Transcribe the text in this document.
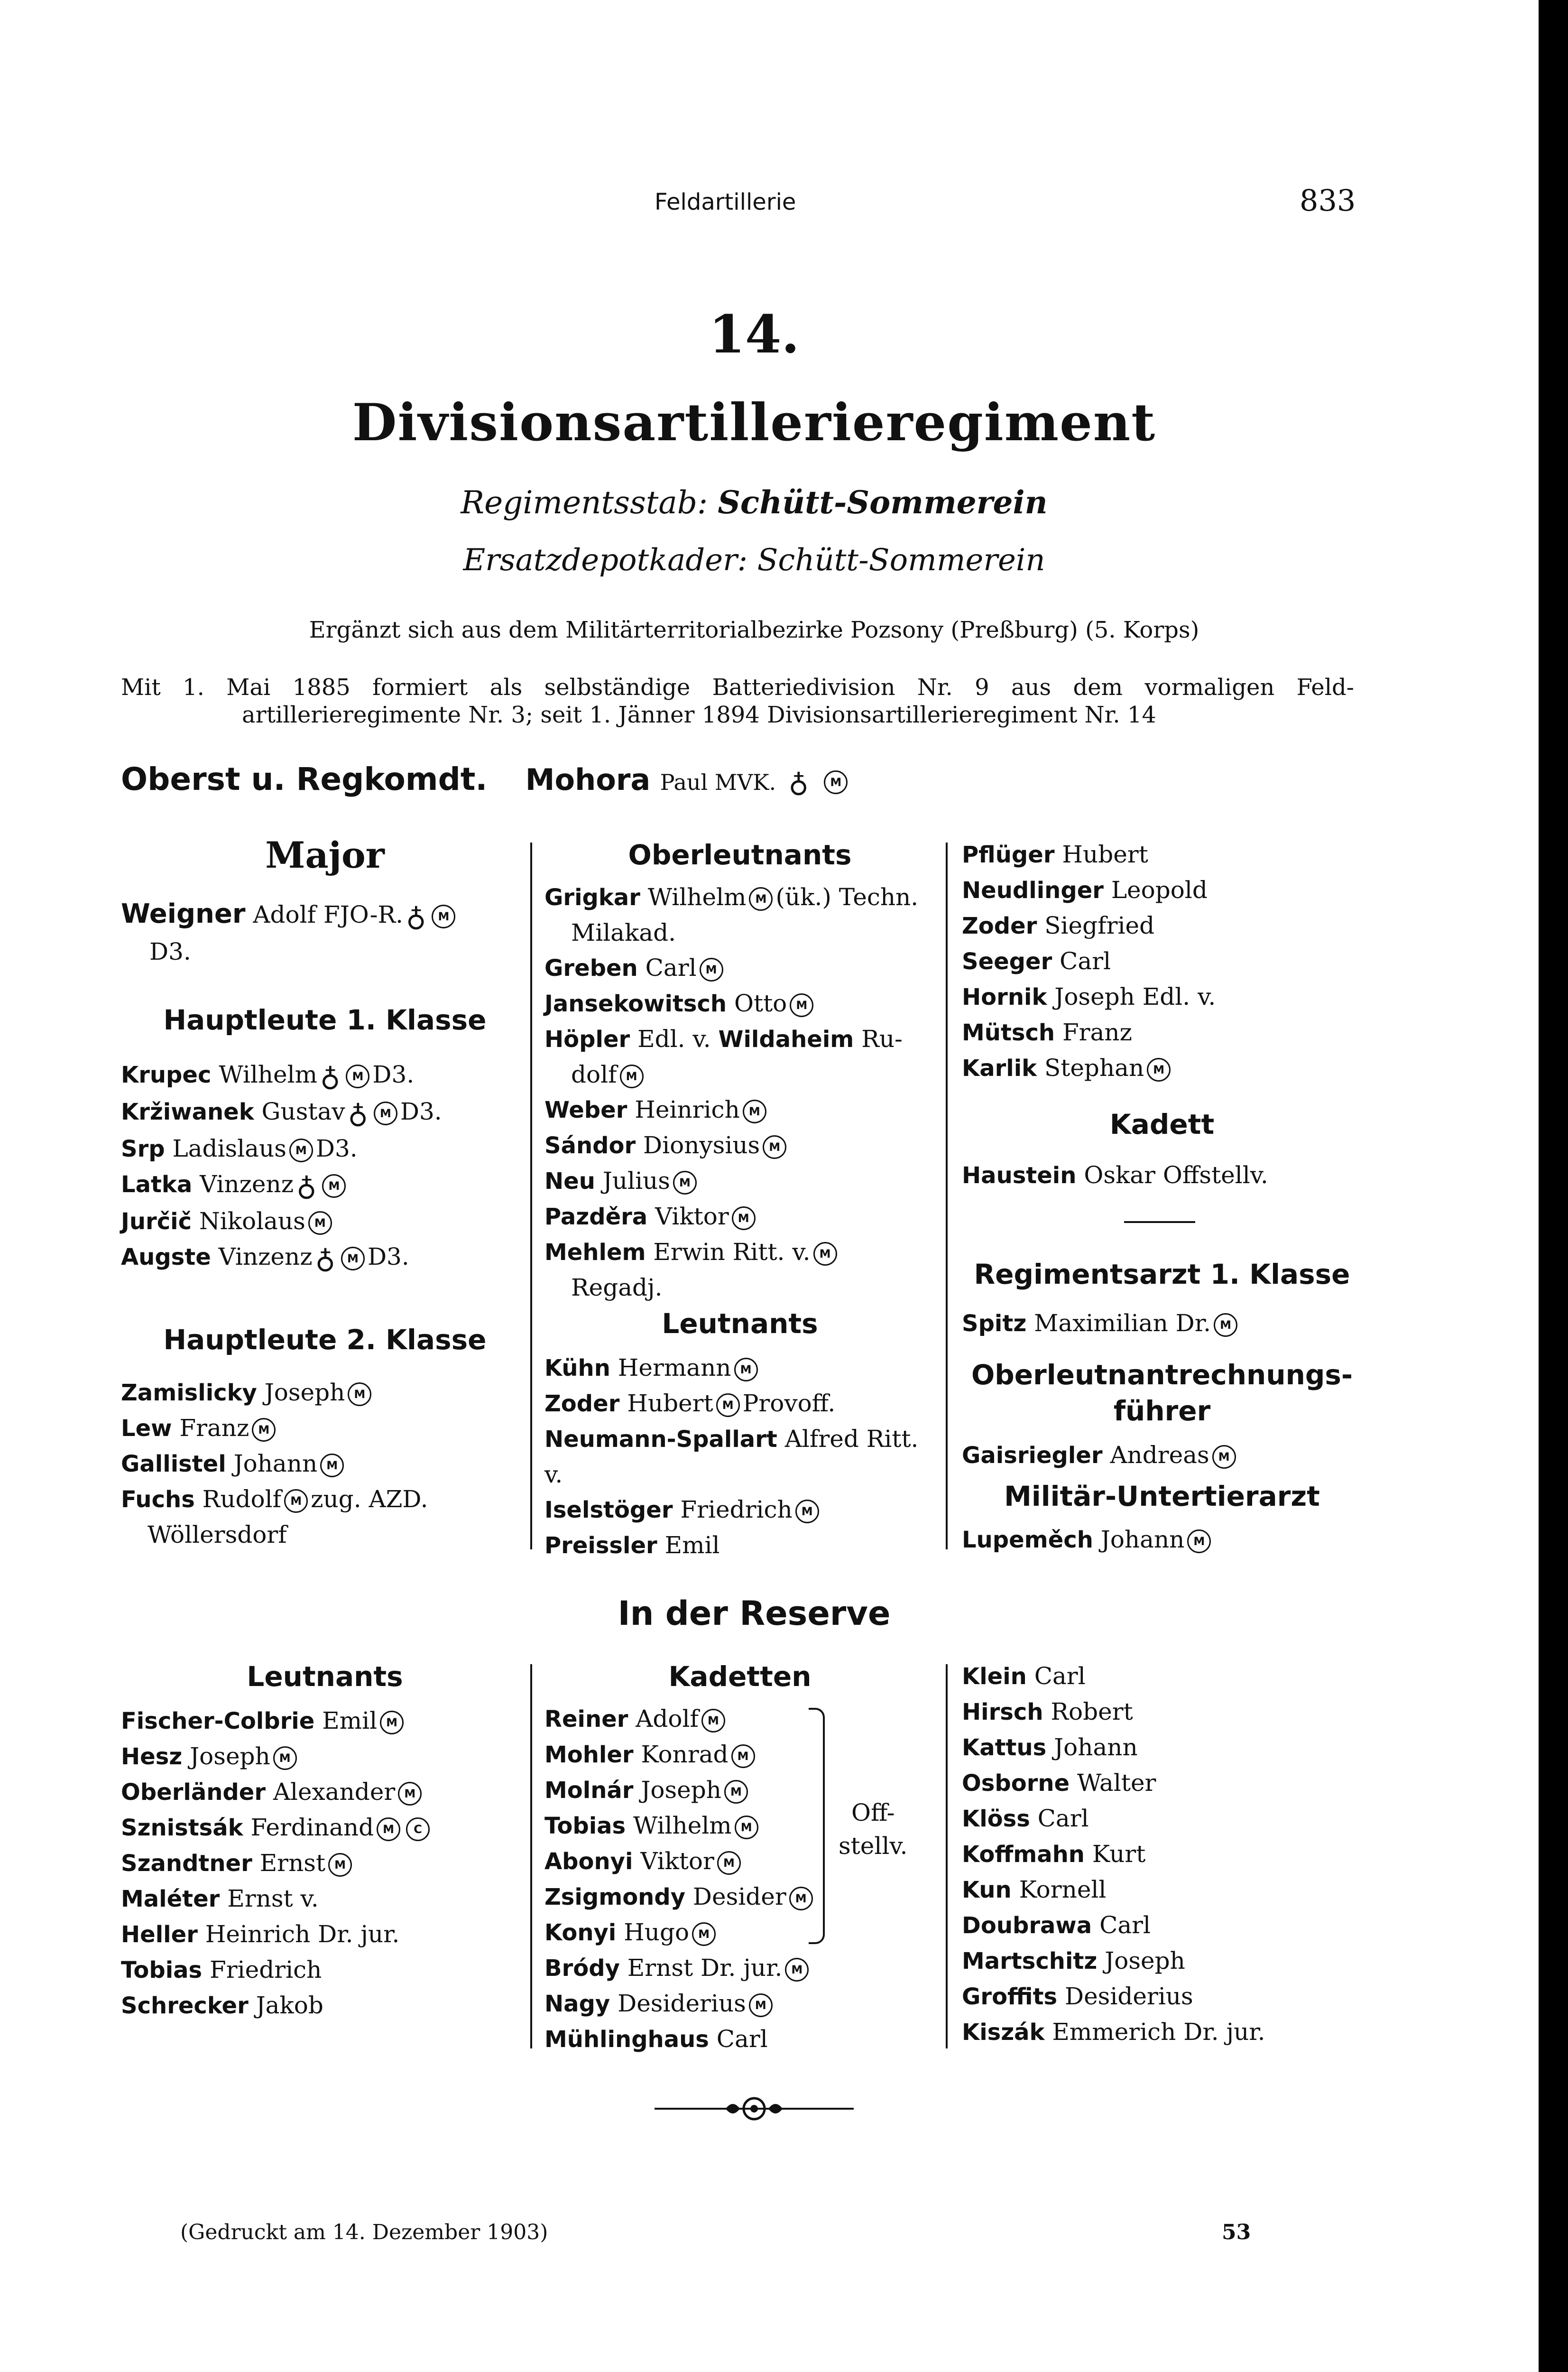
Feldartillerie	833
14.
Divisionsartillerieregiment
Regimentsstab: Schütt-Sommerein
Ersatzdepotkader: Schütt-Sommerein
Ergänzt sich aus dem Militärterritorialbezirke Pozsony (Preßburg) (5. Korps)
Mit 1. Mai 1885 formiert als selbständige Batteriedivision Nr. 9 aus dem vormaligen Feld-
artillerieregimente Nr. 3; seit 1. Jänner 1894 Divisionsartillerieregiment Nr. 14
Oberst u. Regkomdt. Mohora Paul MVK. ♁ M
Major
Weigner Adolf FJO-R. ♁ M
D3.
Hauptleute 1. Klasse
Krupec Wilhelm ♁ M D3.
Kržiwanek Gustav ♁ M D3.
Srp Ladislaus M D3.
Latka Vinzenz ♁ M
Jurčič Nikolaus M
Augste Vinzenz ♁ M D3.
Hauptleute 2. Klasse
Zamislicky Joseph M
Lew Franz M
Gallistel Johann M
Fuchs Rudolf M zug. AZD.
Wöllersdorf
Oberleutnants
Grigkar Wilhelm M (ük.) Techn.
Milakad.
Greben Carl M
Jansekowitsch Otto M
Höpler Edl. v. Wildaheim Ru-
dolf M
Weber Heinrich M
Sándor Dionysius M
Neu Julius M
Pazděra Viktor M
Mehlem Erwin Ritt. v. M
Regadj.
Leutnants
Kühn Hermann M
Zoder Hubert M Provoff.
Neumann-Spallart Alfred Ritt.
v.
Iselstöger Friedrich M
Preissler Emil
Pflüger Hubert
Neudlinger Leopold
Zoder Siegfried
Seeger Carl
Hornik Joseph Edl. v.
Mütsch Franz
Karlik Stephan M
Kadett
Haustein Oskar Offstellv.
Regimentsarzt 1. Klasse
Spitz Maximilian Dr. M
Oberleutnantrechnungs-
führer
Gaisriegler Andreas M
Militär-Untertierarzt
Lupeměch Johann M
In der Reserve
Leutnants
Fischer-Colbrie Emil M
Hesz Joseph M
Oberländer Alexander M
Sznistsák Ferdinand M C
Szandtner Ernst M
Maléter Ernst v.
Heller Heinrich Dr. jur.
Tobias Friedrich
Schrecker Jakob
Kadetten
Reiner Adolf M
Mohler Konrad M
Molnár Joseph M
Tobias Wilhelm M
Abonyi Viktor M
Zsigmondy Desider M
Konyi Hugo M
Bródy Ernst Dr. jur. M
Nagy Desiderius M
Mühlinghaus Carl
Off-
stellv.
Klein Carl
Hirsch Robert
Kattus Johann
Osborne Walter
Klöss Carl
Koffmahn Kurt
Kun Kornell
Doubrawa Carl
Martschitz Joseph
Groffits Desiderius
Kiszák Emmerich Dr. jur.
(Gedruckt am 14. Dezember 1903)	53
